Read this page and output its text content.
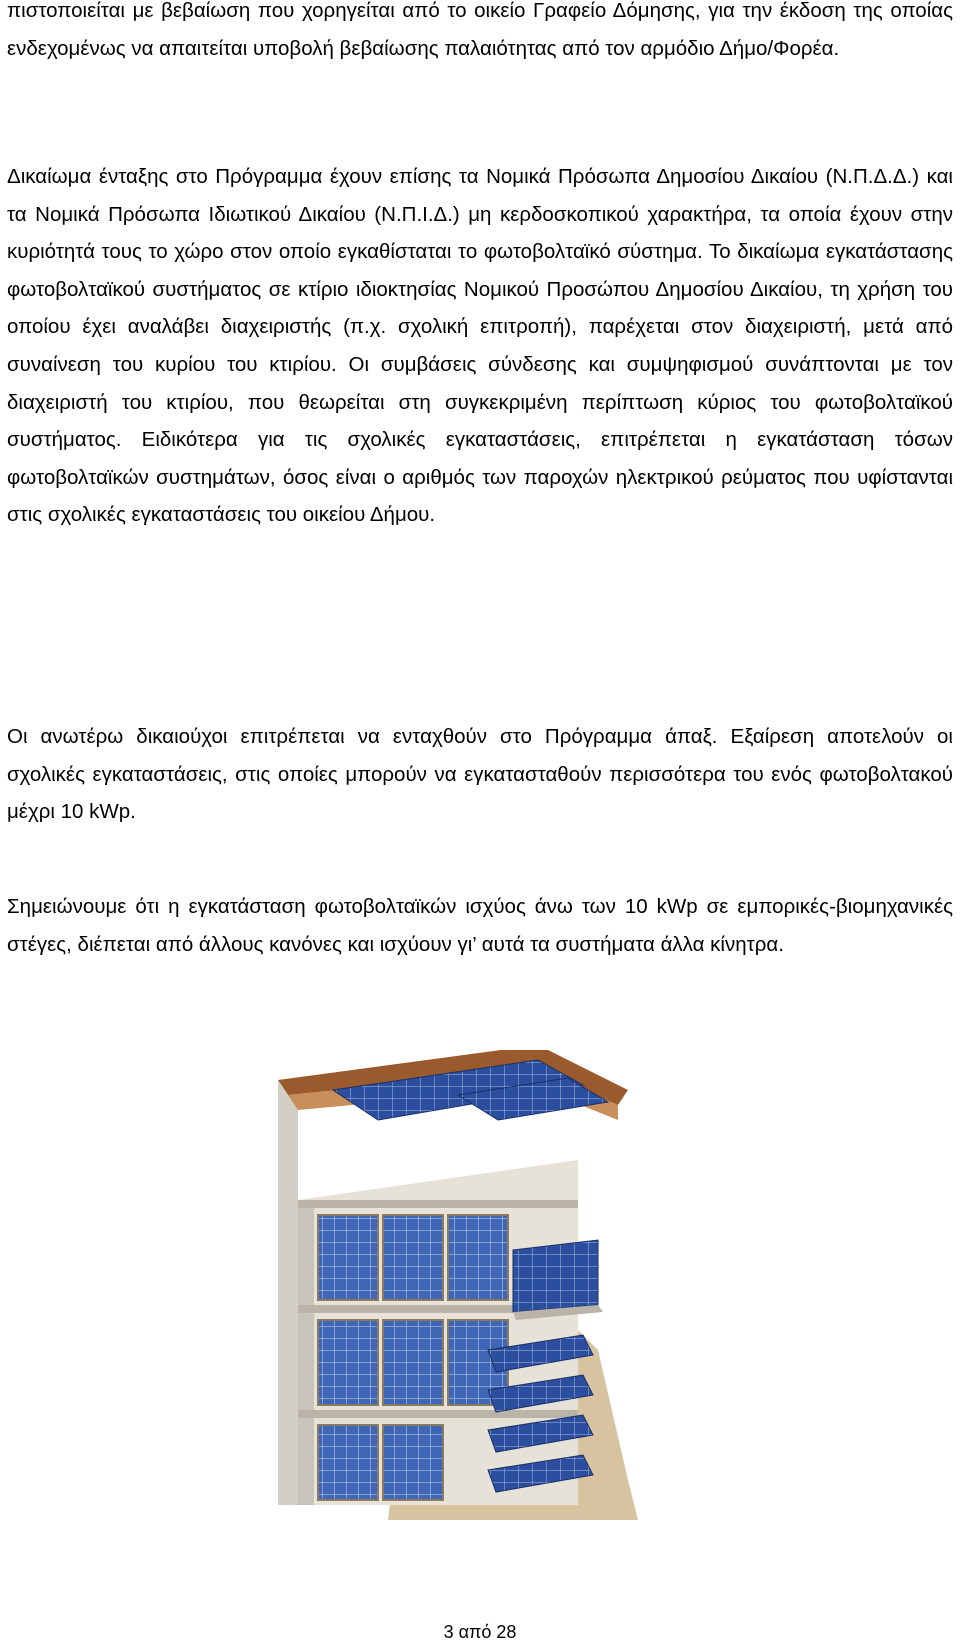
πιστοποιείται με βεβαίωση που χορηγείται από το οικείο Γραφείο Δόμησης, για την έκδοση της οποίας ενδεχομένως να απαιτείται υποβολή βεβαίωσης παλαιότητας από τον αρμόδιο Δήμο/Φορέα.

Δικαίωμα ένταξης στο Πρόγραμμα έχουν επίσης τα Νομικά Πρόσωπα Δημοσίου Δικαίου (Ν.Π.Δ.Δ.) και τα Νομικά Πρόσωπα Ιδιωτικού Δικαίου (Ν.Π.Ι.Δ.) μη κερδοσκοπικού χαρακτήρα, τα οποία έχουν στην κυριότητά τους το χώρο στον οποίο εγκαθίσταται το φωτοβολταϊκό σύστημα. Το δικαίωμα εγκατάστασης φωτοβολταϊκού συστήματος σε κτίριο ιδιοκτησίας Νομικού Προσώπου Δημοσίου Δικαίου, τη χρήση του οποίου έχει αναλάβει διαχειριστής (π.χ. σχολική επιτροπή), παρέχεται στον διαχειριστή, μετά από συναίνεση του κυρίου του κτιρίου. Οι συμβάσεις σύνδεσης και συμψηφισμού συνάπτονται με τον διαχειριστή του κτιρίου, που θεωρείται στη συγκεκριμένη περίπτωση κύριος του φωτοβολταϊκού συστήματος. Ειδικότερα για τις σχολικές εγκαταστάσεις, επιτρέπεται η εγκατάσταση τόσων φωτοβολταϊκών συστημάτων, όσος είναι ο αριθμός των παροχών ηλεκτρικού ρεύματος που υφίστανται στις σχολικές εγκαταστάσεις του οικείου Δήμου.

Οι ανωτέρω δικαιούχοι επιτρέπεται να ενταχθούν στο Πρόγραμμα άπαξ. Εξαίρεση αποτελούν οι σχολικές εγκαταστάσεις, στις οποίες μπορούν να εγκατασταθούν περισσότερα του ενός φωτοβολτακού μέχρι 10 kWp.

Σημειώνουμε ότι η εγκατάσταση φωτοβολταϊκών ισχύος άνω των 10 kWp σε εμπορικές-βιομηχανικές στέγες, διέπεται από άλλους κανόνες και ισχύουν γι’ αυτά τα συστήματα άλλα κίνητρα.

3 από 28
